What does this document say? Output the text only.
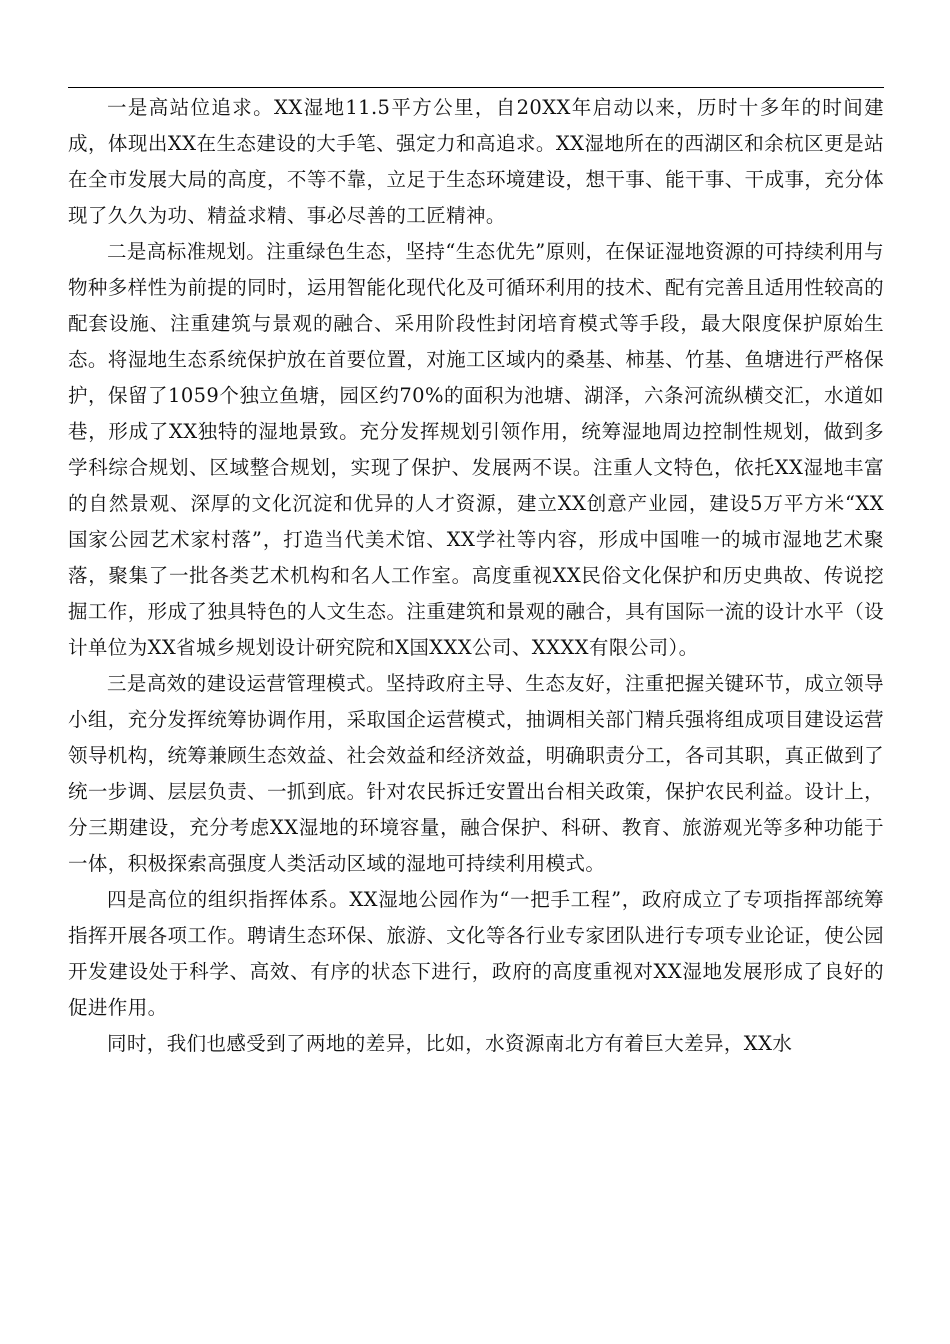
一是高站位追求。XX湿地11.5平方公里，自20XX年启动以来，历时十多年的时间建成，体现出XX在生态建设的大手笔、强定力和高追求。XX湿地所在的西湖区和余杭区更是站在全市发展大局的高度，不等不靠，立足于生态环境建设，想干事、能干事、干成事，充分体现了久久为功、精益求精、事必尽善的工匠精神。

二是高标准规划。注重绿色生态，坚持“生态优先”原则，在保证湿地资源的可持续利用与物种多样性为前提的同时，运用智能化现代化及可循环利用的技术、配有完善且适用性较高的配套设施、注重建筑与景观的融合、采用阶段性封闭培育模式等手段，最大限度保护原始生态。将湿地生态系统保护放在首要位置，对施工区域内的桑基、柿基、竹基、鱼塘进行严格保护，保留了1059个独立鱼塘，园区约70%的面积为池塘、湖泽，六条河流纵横交汇，水道如巷，形成了XX独特的湿地景致。充分发挥规划引领作用，统筹湿地周边控制性规划，做到多学科综合规划、区域整合规划，实现了保护、发展两不误。注重人文特色，依托XX湿地丰富的自然景观、深厚的文化沉淀和优异的人才资源，建立XX创意产业园，建设5万平方米“XX国家公园艺术家村落”，打造当代美术馆、XX学社等内容，形成中国唯一的城市湿地艺术聚落，聚集了一批各类艺术机构和名人工作室。高度重视XX民俗文化保护和历史典故、传说挖掘工作，形成了独具特色的人文生态。注重建筑和景观的融合，具有国际一流的设计水平（设计单位为XX省城乡规划设计研究院和X国XXX公司、XXXX有限公司）。

三是高效的建设运营管理模式。坚持政府主导、生态友好，注重把握关键环节，成立领导小组，充分发挥统筹协调作用，采取国企运营模式，抽调相关部门精兵强将组成项目建设运营领导机构，统筹兼顾生态效益、社会效益和经济效益，明确职责分工，各司其职，真正做到了统一步调、层层负责、一抓到底。针对农民拆迁安置出台相关政策，保护农民利益。设计上，分三期建设，充分考虑XX湿地的环境容量，融合保护、科研、教育、旅游观光等多种功能于一体，积极探索高强度人类活动区域的湿地可持续利用模式。

四是高位的组织指挥体系。XX湿地公园作为“一把手工程”，政府成立了专项指挥部统筹指挥开展各项工作。聘请生态环保、旅游、文化等各行业专家团队进行专项专业论证，使公园开发建设处于科学、高效、有序的状态下进行，政府的高度重视对XX湿地发展形成了良好的促进作用。

同时，我们也感受到了两地的差异，比如，水资源南北方有着巨大差异，XX水
